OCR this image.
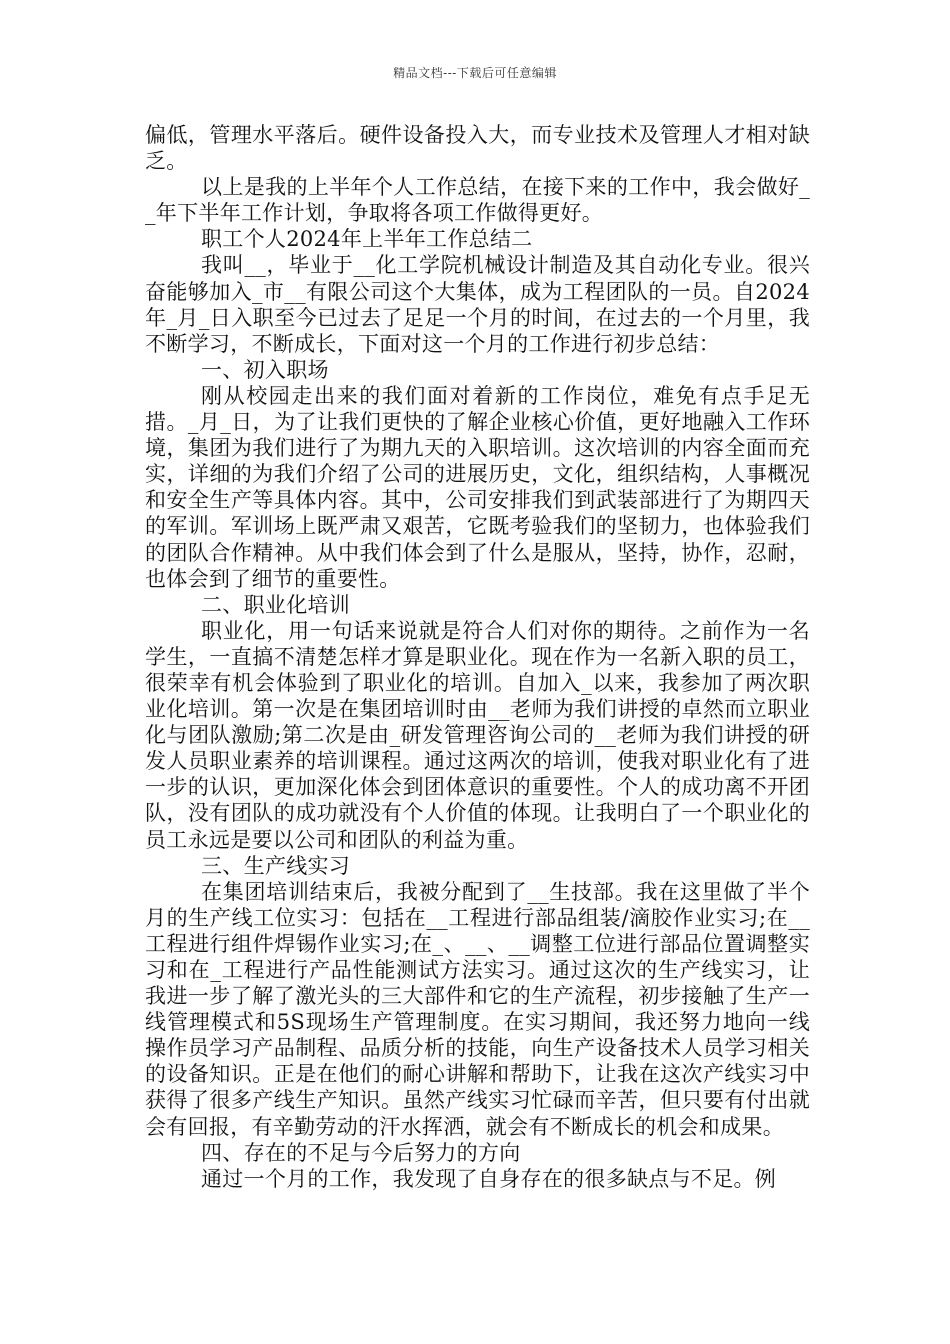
精品文档---下载后可任意编辑

偏低，管理水平落后。硬件设备投入大，而专业技术及管理人才相对缺乏。

以上是我的上半年个人工作总结，在接下来的工作中，我会做好__年下半年工作计划，争取将各项工作做得更好。

职工个人2024年上半年工作总结二

我叫__，毕业于__化工学院机械设计制造及其自动化专业。很兴奋能够加入_市__有限公司这个大集体，成为工程团队的一员。自2024年_月_日入职至今已过去了足足一个月的时间，在过去的一个月里，我不断学习，不断成长，下面对这一个月的工作进行初步总结：

一、初入职场

刚从校园走出来的我们面对着新的工作岗位，难免有点手足无措。_月_日，为了让我们更快的了解企业核心价值，更好地融入工作环境，集团为我们进行了为期九天的入职培训。这次培训的内容全面而充实，详细的为我们介绍了公司的进展历史，文化，组织结构，人事概况和安全生产等具体内容。其中，公司安排我们到武装部进行了为期四天的军训。军训场上既严肃又艰苦，它既考验我们的坚韧力，也体验我们的团队合作精神。从中我们体会到了什么是服从，坚持，协作，忍耐，也体会到了细节的重要性。

二、职业化培训

职业化，用一句话来说就是符合人们对你的期待。之前作为一名学生，一直搞不清楚怎样才算是职业化。现在作为一名新入职的员工，很荣幸有机会体验到了职业化的培训。自加入_以来，我参加了两次职业化培训。第一次是在集团培训时由__老师为我们讲授的卓然而立职业化与团队激励;第二次是由_研发管理咨询公司的__老师为我们讲授的研发人员职业素养的培训课程。通过这两次的培训，使我对职业化有了进一步的认识，更加深化体会到团体意识的重要性。个人的成功离不开团队，没有团队的成功就没有个人价值的体现。让我明白了一个职业化的员工永远是要以公司和团队的利益为重。

三、生产线实习

在集团培训结束后，我被分配到了__生技部。我在这里做了半个月的生产线工位实习：包括在__工程进行部品组装/滴胶作业实习;在__工程进行组件焊锡作业实习;在_、__、__调整工位进行部品位置调整实习和在_工程进行产品性能测试方法实习。通过这次的生产线实习，让我进一步了解了激光头的三大部件和它的生产流程，初步接触了生产一线管理模式和5S现场生产管理制度。在实习期间，我还努力地向一线操作员学习产品制程、品质分析的技能，向生产设备技术人员学习相关的设备知识。正是在他们的耐心讲解和帮助下，让我在这次产线实习中获得了很多产线生产知识。虽然产线实习忙碌而辛苦，但只要有付出就会有回报，有辛勤劳动的汗水挥洒，就会有不断成长的机会和成果。

四、存在的不足与今后努力的方向

通过一个月的工作，我发现了自身存在的很多缺点与不足。例
